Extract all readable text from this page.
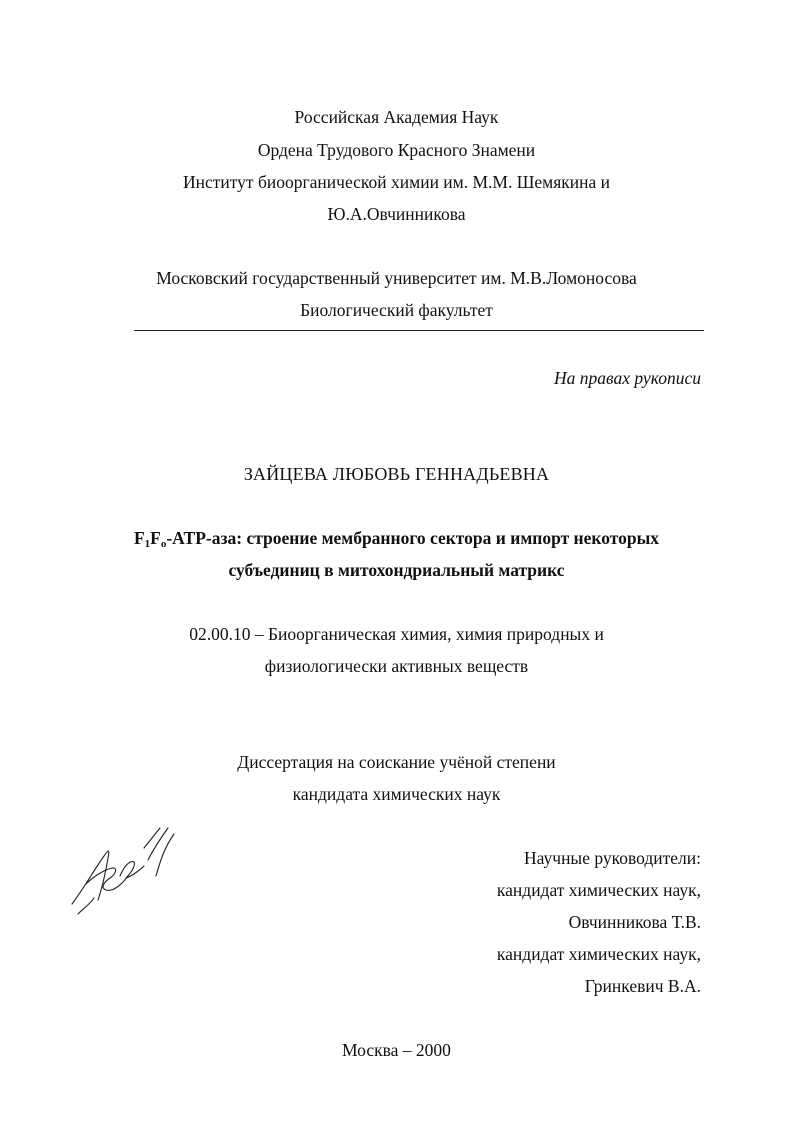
Российская Академия Наук
Ордена Трудового Красного Знамени
Институт биоорганической химии им. М.М. Шемякина и
Ю.А.Овчинникова
Московский государственный университет им. М.В.Ломоносова
Биологический факультет
На правах рукописи
ЗАЙЦЕВА ЛЮБОВЬ ГЕННАДЬЕВНА
$F_1F_o-ATP$-аза: строение мембранного сектора и импорт некоторых
субъединиц в митохондриальный матрикс
02.00.10 – Биоорганическая химия, химия природных и
физиологически активных веществ
Диссертация на соискание учёной степени
кандидата химических наук
Научные руководители:
кандидат химических наук,
Овчинникова Т.В.
кандидат химических наук,
Гринкевич В.А.
Москва – 2000
